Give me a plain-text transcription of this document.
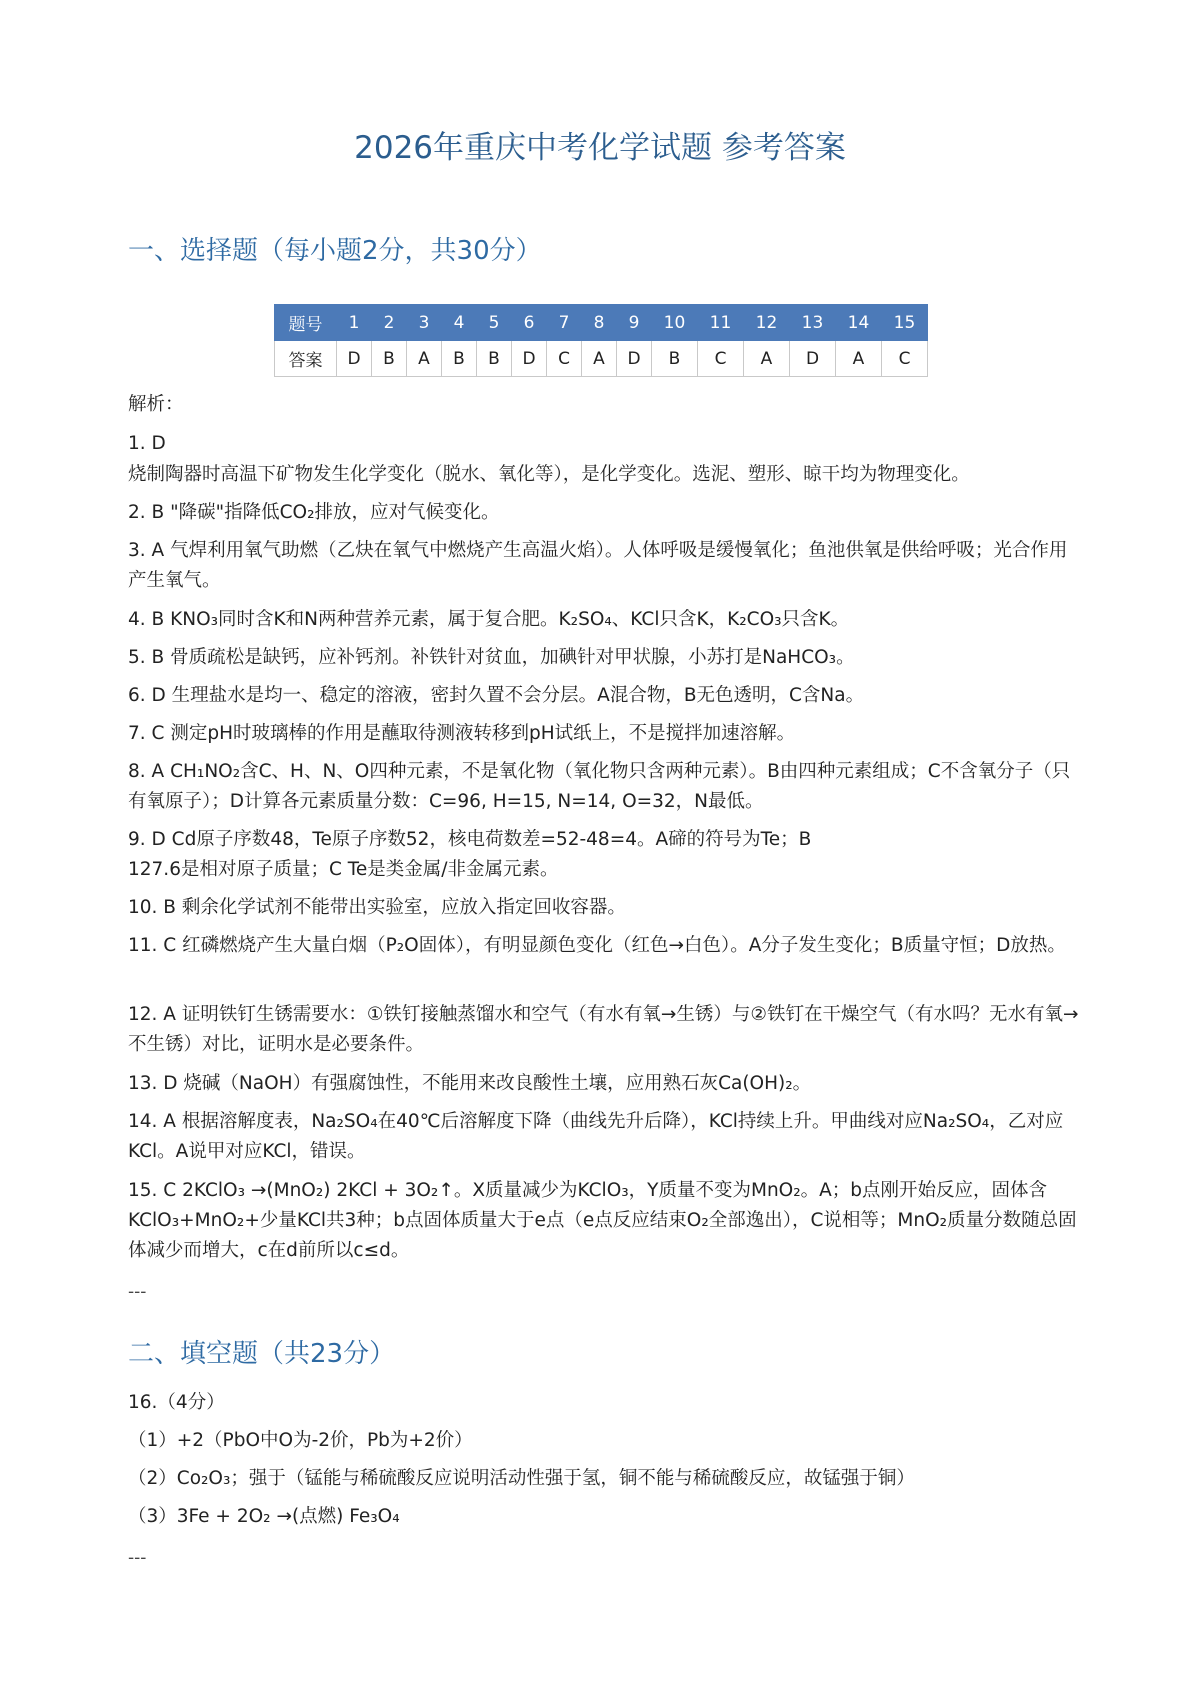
2026年重庆中考化学试题 参考答案
一、选择题（每小题2分，共30分）
题号	1	2	3	4	5	6	7	8	9	10	11	12	13	14	15
答案	D	B	A	B	B	D	C	A	D	B	C	A	D	A	C

解析：

1. D

烧制陶器时高温下矿物发生化学变化（脱水、氧化等），是化学变化。选泥、塑形、晾干均为物理变化。

2. B "降碳"指降低CO₂排放，应对气候变化。

3. A 气焊利用氧气助燃（乙炔在氧气中燃烧产生高温火焰）。人体呼吸是缓慢氧化；鱼池供氧是供给呼吸；光合作用产生氧气。

4. B KNO₃同时含K和N两种营养元素，属于复合肥。K₂SO₄、KCl只含K，K₂CO₃只含K。

5. B 骨质疏松是缺钙，应补钙剂。补铁针对贫血，加碘针对甲状腺，小苏打是NaHCO₃。

6. D 生理盐水是均一、稳定的溶液，密封久置不会分层。A混合物，B无色透明，C含Na。

7. C 测定pH时玻璃棒的作用是蘸取待测液转移到pH试纸上，不是搅拌加速溶解。

8. A CH₁NO₂含C、H、N、O四种元素，不是氧化物（氧化物只含两种元素）。B由四种元素组成；C不含氧分子（只有氧原子）；D计算各元素质量分数：C=96, H=15, N=14, O=32，N最低。

9. D Cd原子序数48，Te原子序数52，核电荷数差=52-48=4。A碲的符号为Te；B

127.6是相对原子质量；C Te是类金属/非金属元素。

10. B 剩余化学试剂不能带出实验室，应放入指定回收容器。

11. C 红磷燃烧产生大量白烟（P₂O固体），有明显颜色变化（红色→白色）。A分子发生变化；B质量守恒；D放热。

12. A 证明铁钉生锈需要水：①铁钉接触蒸馏水和空气（有水有氧→生锈）与②铁钉在干燥空气（有水吗？无水有氧→不生锈）对比，证明水是必要条件。

13. D 烧碱（NaOH）有强腐蚀性，不能用来改良酸性土壤，应用熟石灰Ca(OH)₂。

14. A 根据溶解度表，Na₂SO₄在40℃后溶解度下降（曲线先升后降），KCl持续上升。甲曲线对应Na₂SO₄，乙对应KCl。A说甲对应KCl，错误。

15. C 2KClO₃ →(MnO₂) 2KCl + 3O₂↑。X质量减少为KClO₃，Y质量不变为MnO₂。A；b点刚开始反应，固体含KClO₃+MnO₂+少量KCl共3种；b点固体质量大于e点（e点反应结束O₂全部逸出），C说相等；MnO₂质量分数随总固体减少而增大，c在d前所以c≤d。

---

二、填空题（共23分）

16.（4分）

（1）+2（PbO中O为-2价，Pb为+2价）

（2）Co₂O₃；强于（锰能与稀硫酸反应说明活动性强于氢，铜不能与稀硫酸反应，故锰强于铜）

（3）3Fe + 2O₂ →(点燃) Fe₃O₄

---
